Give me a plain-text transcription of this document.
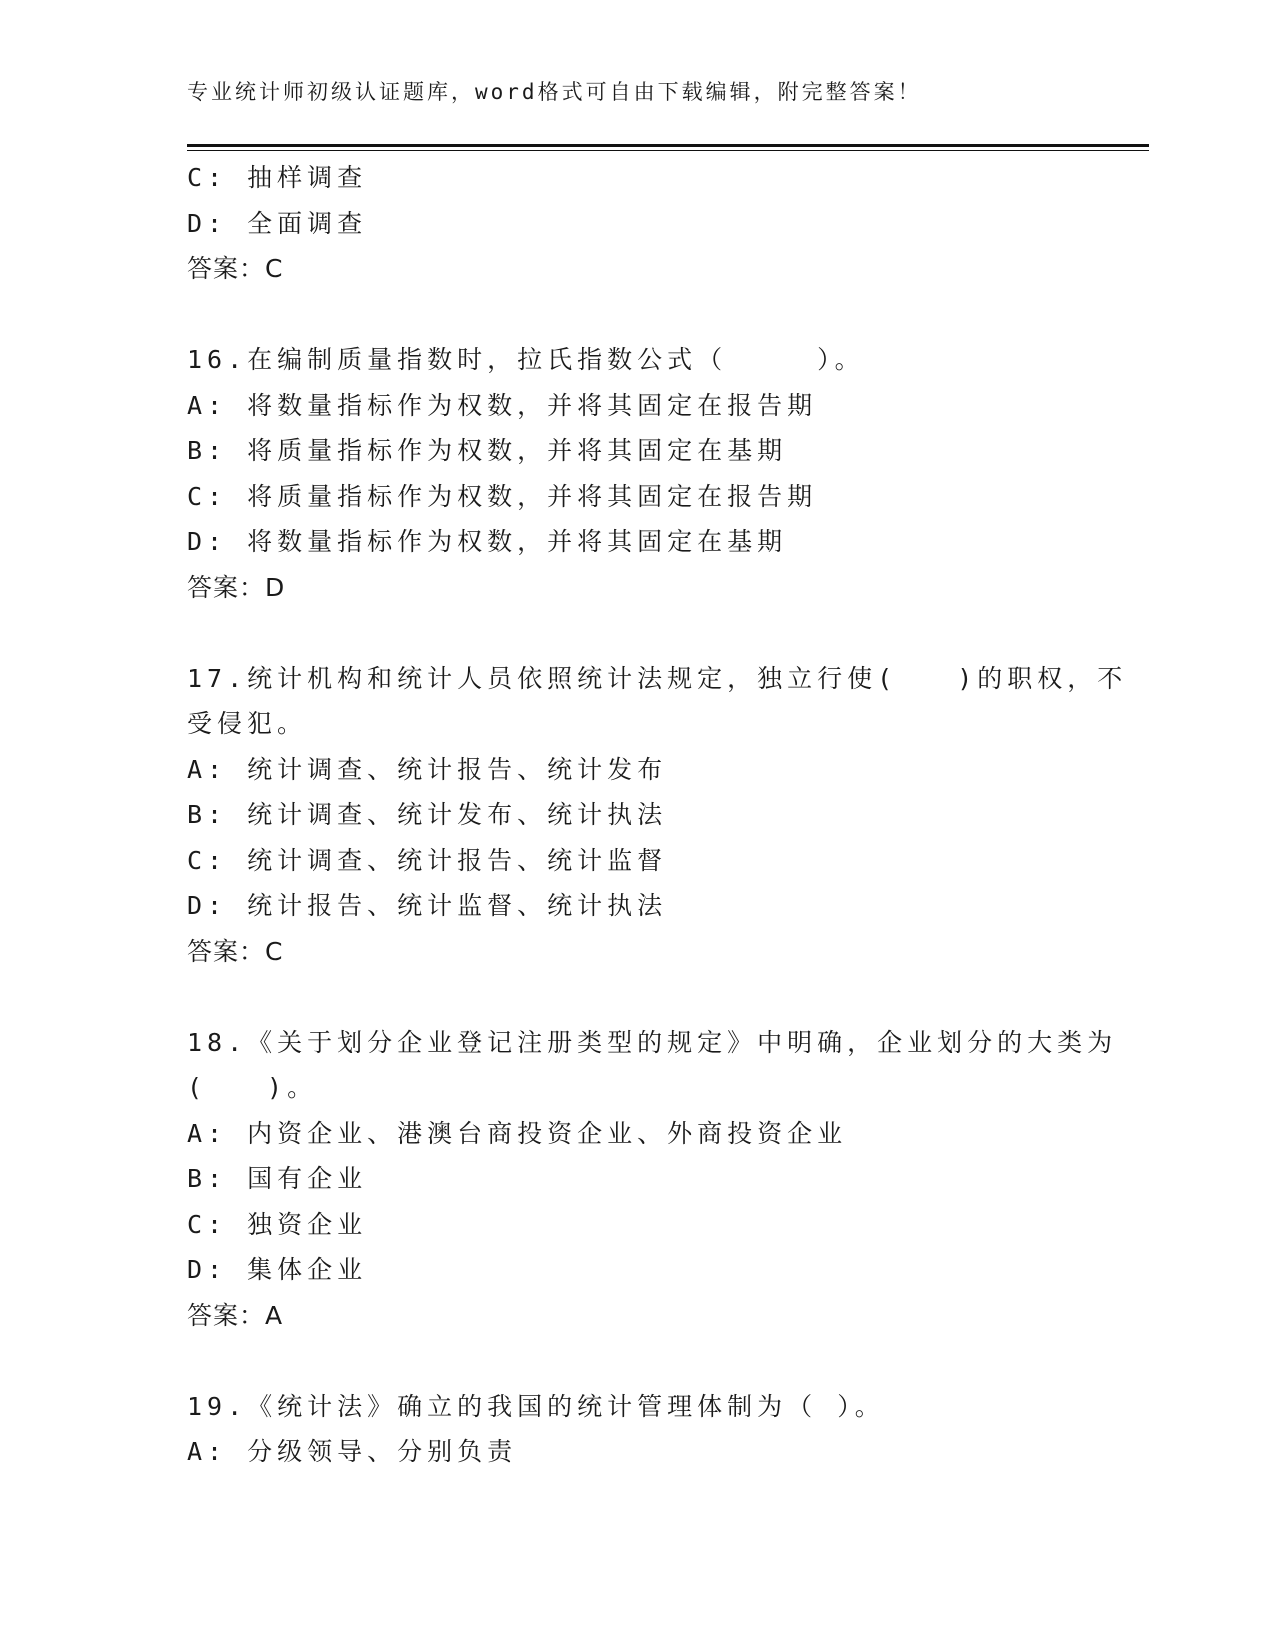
专业统计师初级认证题库，word格式可自由下载编辑，附完整答案！
C: 抽样调查
D: 全面调查
答案：C
16.在编制质量指数时，拉氏指数公式（　　　）。
A: 将数量指标作为权数，并将其固定在报告期
B: 将质量指标作为权数，并将其固定在基期
C: 将质量指标作为权数，并将其固定在报告期
D: 将数量指标作为权数，并将其固定在基期
答案：D
17.统计机构和统计人员依照统计法规定，独立行使(　　)的职权，不
受侵犯。
A: 统计调查、统计报告、统计发布
B: 统计调查、统计发布、统计执法
C: 统计调查、统计报告、统计监督
D: 统计报告、统计监督、统计执法
答案：C
18.《关于划分企业登记注册类型的规定》中明确，企业划分的大类为
(　　)。
A: 内资企业、港澳台商投资企业、外商投资企业
B: 国有企业
C: 独资企业
D: 集体企业
答案：A
19.《统计法》确立的我国的统计管理体制为（ ）。
A: 分级领导、分别负责
